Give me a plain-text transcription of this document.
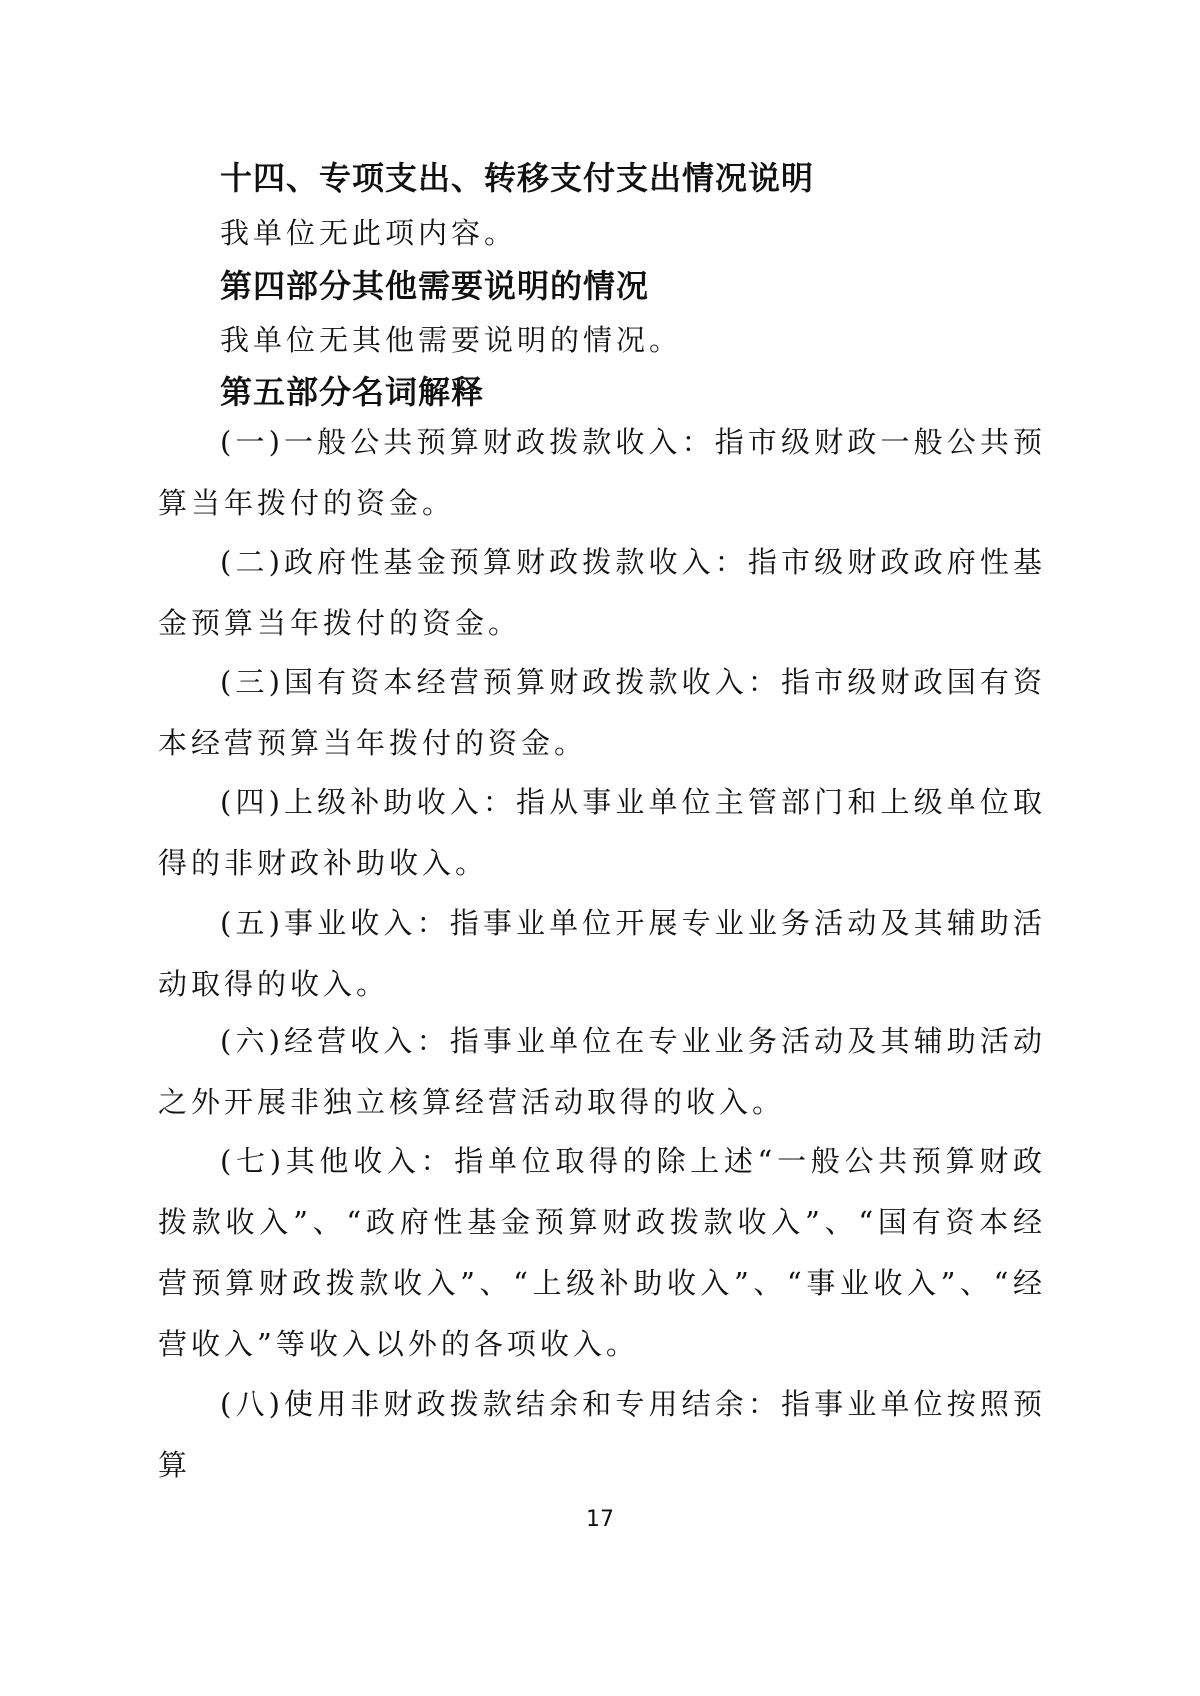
十四、专项支出、转移支付支出情况说明
我单位无此项内容。
第四部分其他需要说明的情况
我单位无其他需要说明的情况。
第五部分名词解释
(一)一般公共预算财政拨款收入：指市级财政一般公共预算当年拨付的资金。
(二)政府性基金预算财政拨款收入：指市级财政政府性基金预算当年拨付的资金。
(三)国有资本经营预算财政拨款收入：指市级财政国有资本经营预算当年拨付的资金。
(四)上级补助收入：指从事业单位主管部门和上级单位取得的非财政补助收入。
(五)事业收入：指事业单位开展专业业务活动及其辅助活动取得的收入。
(六)经营收入：指事业单位在专业业务活动及其辅助活动之外开展非独立核算经营活动取得的收入。
(七)其他收入：指单位取得的除上述“一般公共预算财政拨款收入”、“政府性基金预算财政拨款收入”、“国有资本经营预算财政拨款收入”、“上级补助收入”、“事业收入”、“经营收入”等收入以外的各项收入。
(八)使用非财政拨款结余和专用结余：指事业单位按照预算
17
